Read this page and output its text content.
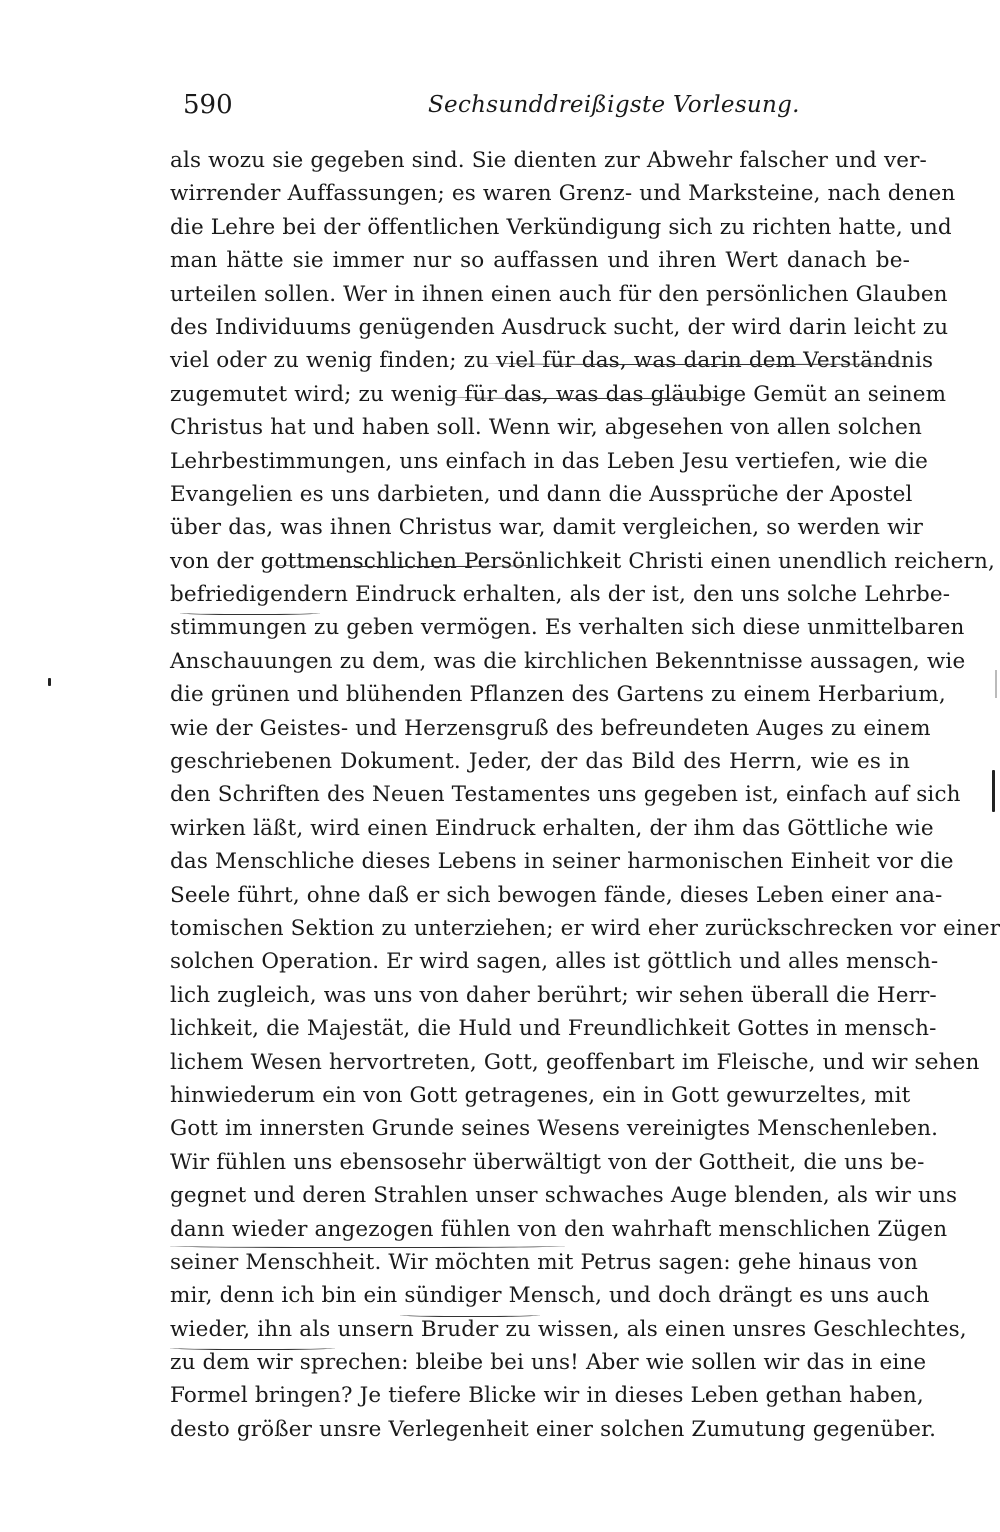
590	Sechsunddreißigste Vorlesung.
als wozu sie gegeben sind. Sie dienten zur Abwehr falscher und ver-
wirrender Auffassungen; es waren Grenz- und Marksteine, nach denen
die Lehre bei der öffentlichen Verkündigung sich zu richten hatte, und
man hätte sie immer nur so auffassen und ihren Wert danach be-
urteilen sollen. Wer in ihnen einen auch für den persönlichen Glauben
des Individuums genügenden Ausdruck sucht, der wird darin leicht zu
viel oder zu wenig finden; zu viel für das, was darin dem Verständnis
zugemutet wird; zu wenig für das, was das gläubige Gemüt an seinem
Christus hat und haben soll. Wenn wir, abgesehen von allen solchen
Lehrbestimmungen, uns einfach in das Leben Jesu vertiefen, wie die
Evangelien es uns darbieten, und dann die Aussprüche der Apostel
über das, was ihnen Christus war, damit vergleichen, so werden wir
von der gottmenschlichen Persönlichkeit Christi einen unendlich reichern,
befriedigendern Eindruck erhalten, als der ist, den uns solche Lehrbe-
stimmungen zu geben vermögen. Es verhalten sich diese unmittelbaren
Anschauungen zu dem, was die kirchlichen Bekenntnisse aussagen, wie
die grünen und blühenden Pflanzen des Gartens zu einem Herbarium,
wie der Geistes- und Herzensgruß des befreundeten Auges zu einem
geschriebenen Dokument. Jeder, der das Bild des Herrn, wie es in
den Schriften des Neuen Testamentes uns gegeben ist, einfach auf sich
wirken läßt, wird einen Eindruck erhalten, der ihm das Göttliche wie
das Menschliche dieses Lebens in seiner harmonischen Einheit vor die
Seele führt, ohne daß er sich bewogen fände, dieses Leben einer ana-
tomischen Sektion zu unterziehen; er wird eher zurückschrecken vor einer
solchen Operation. Er wird sagen, alles ist göttlich und alles mensch-
lich zugleich, was uns von daher berührt; wir sehen überall die Herr-
lichkeit, die Majestät, die Huld und Freundlichkeit Gottes in mensch-
lichem Wesen hervortreten, Gott, geoffenbart im Fleische, und wir sehen
hinwiederum ein von Gott getragenes, ein in Gott gewurzeltes, mit
Gott im innersten Grunde seines Wesens vereinigtes Menschenleben.
Wir fühlen uns ebensosehr überwältigt von der Gottheit, die uns be-
gegnet und deren Strahlen unser schwaches Auge blenden, als wir uns
dann wieder angezogen fühlen von den wahrhaft menschlichen Zügen
seiner Menschheit. Wir möchten mit Petrus sagen: gehe hinaus von
mir, denn ich bin ein sündiger Mensch, und doch drängt es uns auch
wieder, ihn als unsern Bruder zu wissen, als einen unsres Geschlechtes,
zu dem wir sprechen: bleibe bei uns! Aber wie sollen wir das in eine
Formel bringen? Je tiefere Blicke wir in dieses Leben gethan haben,
desto größer unsre Verlegenheit einer solchen Zumutung gegenüber.
